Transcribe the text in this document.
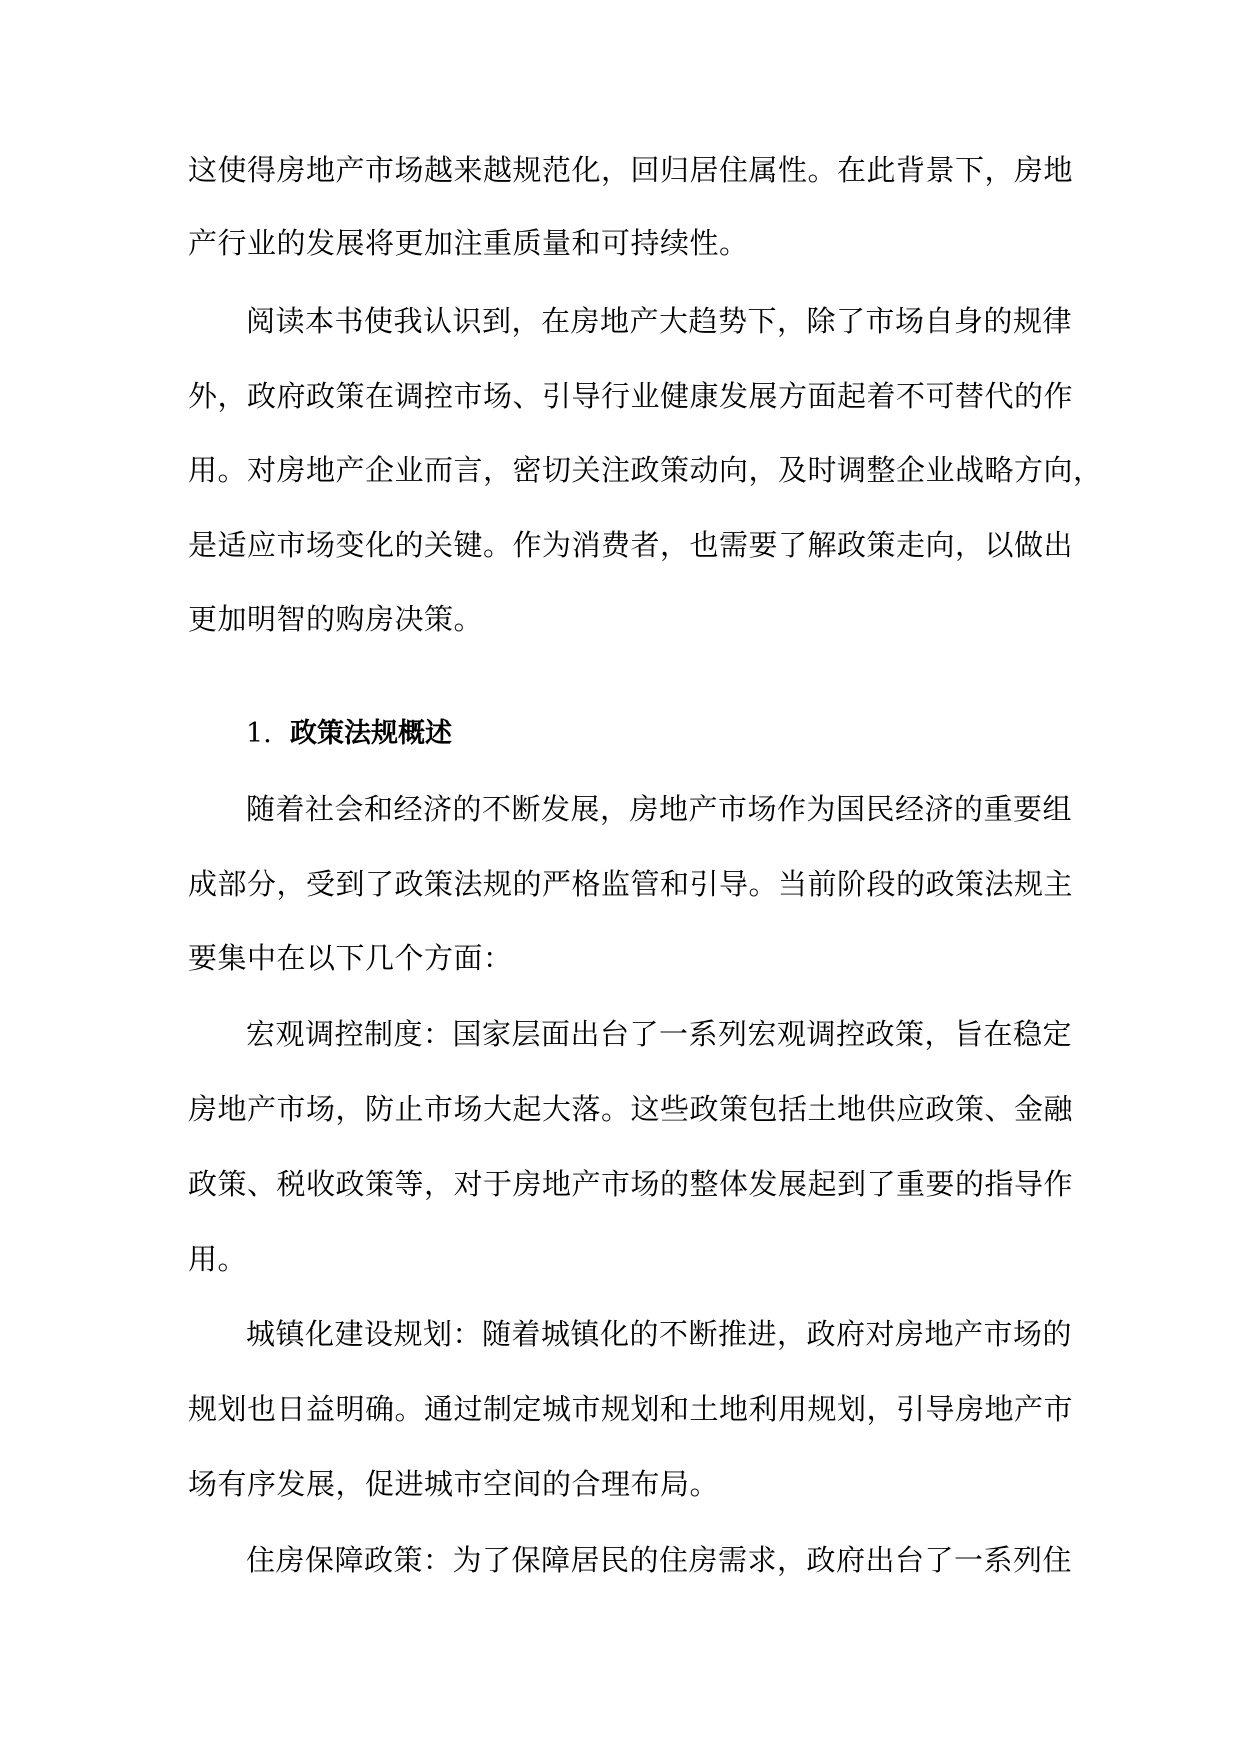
这使得房地产市场越来越规范化，回归居住属性。在此背景下，房地
产行业的发展将更加注重质量和可持续性。
阅读本书使我认识到，在房地产大趋势下，除了市场自身的规律
外，政府政策在调控市场、引导行业健康发展方面起着不可替代的作
用。对房地产企业而言，密切关注政策动向，及时调整企业战略方向，
是适应市场变化的关键。作为消费者，也需要了解政策走向，以做出
更加明智的购房决策。
1. 政策法规概述
随着社会和经济的不断发展，房地产市场作为国民经济的重要组
成部分，受到了政策法规的严格监管和引导。当前阶段的政策法规主
要集中在以下几个方面：
宏观调控制度：国家层面出台了一系列宏观调控政策，旨在稳定
房地产市场，防止市场大起大落。这些政策包括土地供应政策、金融
政策、税收政策等，对于房地产市场的整体发展起到了重要的指导作
用。
城镇化建设规划：随着城镇化的不断推进，政府对房地产市场的
规划也日益明确。通过制定城市规划和土地利用规划，引导房地产市
场有序发展，促进城市空间的合理布局。
住房保障政策：为了保障居民的住房需求，政府出台了一系列住
